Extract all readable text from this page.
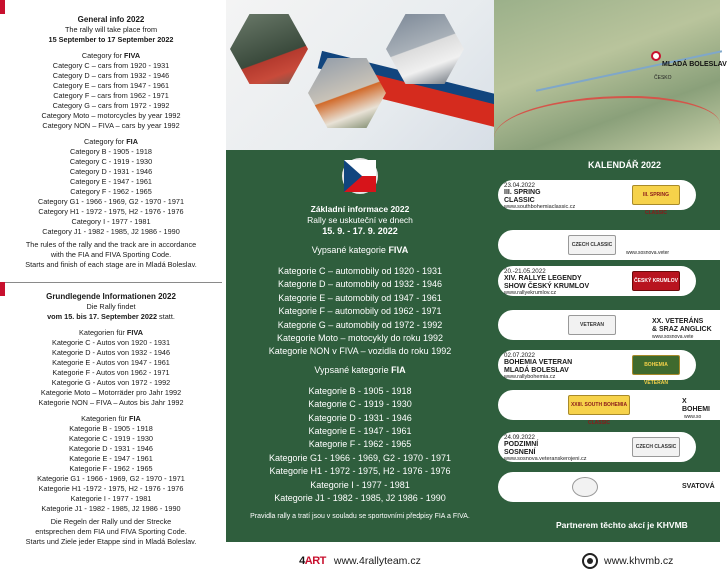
General info 2022

The rally will take place from

15 September to 17 September 2022

Category for FIVA

Category C – cars from 1920 - 1931

Category D – cars from 1932 - 1946

Category E – cars from 1947 - 1961

Category F – cars from 1962 - 1971

Category G – cars from 1972 - 1992

Category Moto – motorcycles by year 1992

Category NON – FIVA – cars by year 1992

Category for FIA

Category B - 1905 - 1918

Category C - 1919 - 1930

Category D - 1931 - 1946

Category E - 1947 - 1961

Category F - 1962 - 1965

Category G1 - 1966 - 1969, G2 - 1970 - 1971

Category H1 - 1972 - 1975, H2 - 1976 - 1976

Category I - 1977 - 1981

Category J1 - 1982 - 1985, J2 1986 - 1990

The rules of the rally and the track are in accordance

with the FIA and FIVA Sporting Code.

Starts and finish of each stage are in Mladá Boleslav.

Grundlegende Informationen 2022

Die Rally findet

vom 15. bis 17. September 2022 statt.

Kategorien für FIVA

Kategorie C - Autos von 1920 - 1931

Kategorie D - Autos von 1932 - 1946

Kategorie E - Autos von 1947 - 1961

Kategorie F - Autos von 1962 - 1971

Kategorie G - Autos von 1972 - 1992

Kategorie Moto – Motorräder pro Jahr 1992

Kategorie NON – FIVA – Autos bis Jahr 1992

Kategorien für FIA

Kategorie B - 1905 - 1918

Kategorie C - 1919 - 1930

Kategorie D - 1931 - 1946

Kategorie E - 1947 - 1961

Kategorie F - 1962 - 1965

Kategorie G1 - 1966 - 1969, G2 - 1970 - 1971

Kategorie H1 -1972 - 1975, H2 - 1976 - 1976

Kategorie I - 1977 - 1981

Kategorie J1 - 1982 - 1985, J2 1986 - 1990

Die Regeln der Rally und der Strecke

entsprechen dem FIA und FIVA Sporting Code.

Starts und Ziele jeder Etappe sind in Mladá Boleslav.

Základní informace 2022

Rally se uskuteční ve dnech

15. 9. - 17. 9. 2022

Vypsané kategorie FIVA

Kategorie C – automobily od 1920 - 1931

Kategorie D – automobily od 1932 - 1946

Kategorie E – automobily od 1947 - 1961

Kategorie F – automobily od 1962 - 1971

Kategorie G – automobily od 1972 - 1992

Kategorie Moto – motocykly do roku 1992

Kategorie NON v FIVA – vozidla do roku 1992

Vypsané kategorie FIA

Kategorie B - 1905 - 1918

Kategorie C - 1919 - 1930

Kategorie D - 1931 - 1946

Kategorie E - 1947 - 1961

Kategorie F - 1962 - 1965

Kategorie G1 - 1966 - 1969, G2 - 1970 - 1971

Kategorie H1 - 1972 - 1975, H2 - 1976 - 1976

Kategorie I - 1977 - 1981

Kategorie J1 - 1982 - 1985, J2 1986 - 1990

Pravidla rally a tratí jsou v souladu se sportovními předpisy FIA a FIVA.

4ART www.4rallyteam.cz
MLADÁ BOLESLAV
ČESKO

KALENDÁŘ 2022

23.04.2022

III. SPRING

CLASSIC

www.southbohemiaclassic.cz

III. SPRING CLASSIC
CZECH CLASSIC
www.sosnova.veter

20.-21.05.2022

XIV. RALLYE LEGENDY

SHOW ČESKÝ KRUMLOV

www.rallyekrumlov.cz

ČESKÝ KRUMLOV
VETERAN	XX. VETERÁNS
& SRAZ ANGLICK
www.sosnova.vete

02.07.2022

BOHEMIA VETERAN

MLADÁ BOLESLAV

www.rallybohemia.cz

BOHEMIA VETERAN
XXIII. SOUTH BOHEMIA CLASSIC
X
BOHEMI
www.so

24.09.2022

PODZIMNÍ

SOSNENÍ

www.sosnova.veteranskerojeni.cz

CZECH CLASSIC
SVATOVÁ

Partnerem těchto akcí je KHVMB

www.khvmb.cz
